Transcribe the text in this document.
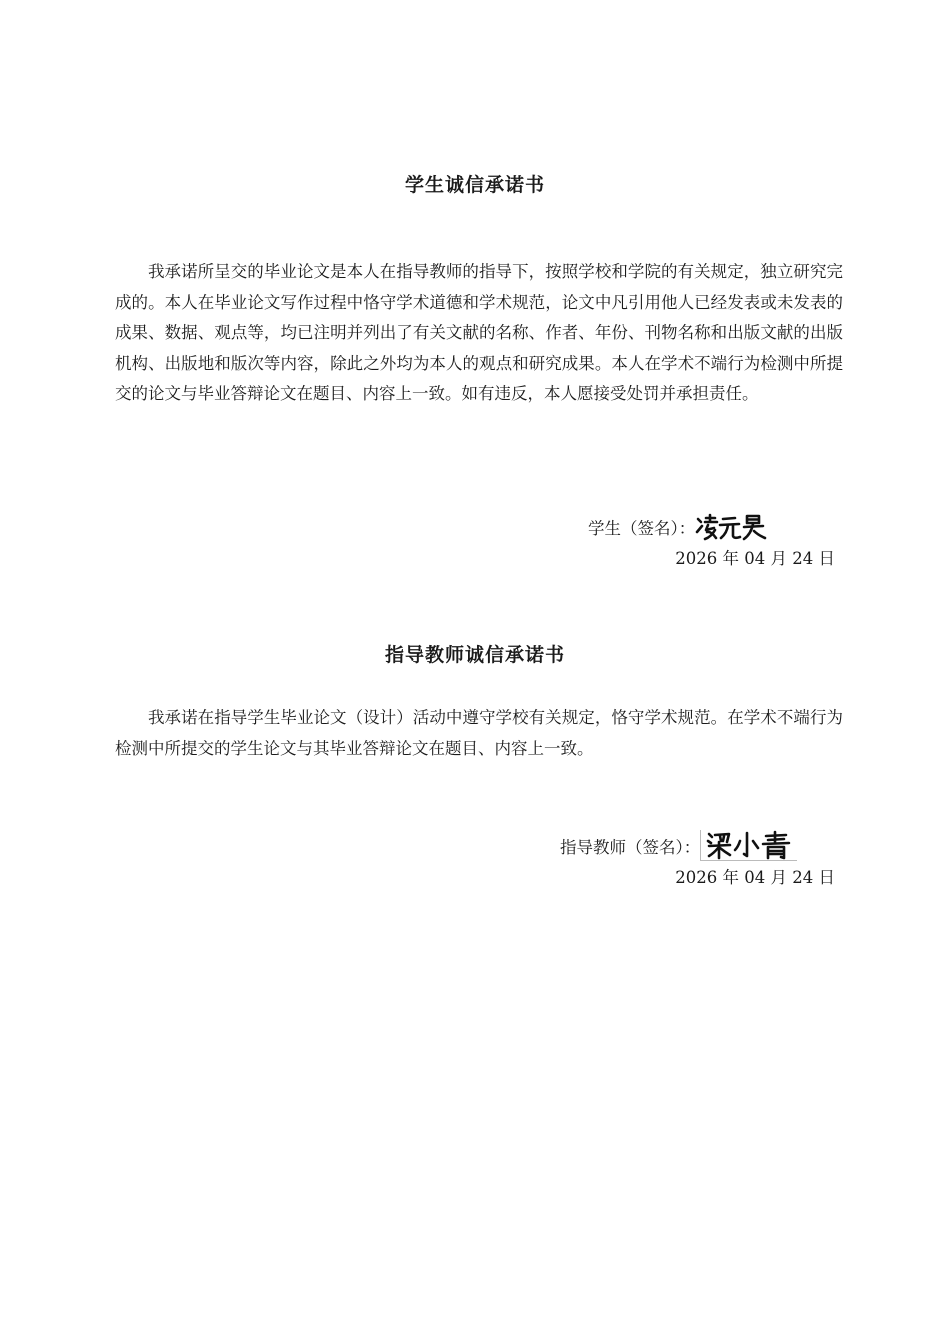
学生诚信承诺书

我承诺所呈交的毕业论文是本人在指导教师的指导下，按照学校和学院的有关规定，独立研究完成的。本人在毕业论文写作过程中恪守学术道德和学术规范，论文中凡引用他人已经发表或未发表的成果、数据、观点等，均已注明并列出了有关文献的名称、作者、年份、刊物名称和出版文献的出版机构、出版地和版次等内容，除此之外均为本人的观点和研究成果。本人在学术不端行为检测中所提交的论文与毕业答辩论文在题目、内容上一致。如有违反，本人愿接受处罚并承担责任。

学生（签名）：
2026 年 04 月 24 日
指导教师诚信承诺书

我承诺在指导学生毕业论文（设计）活动中遵守学校有关规定，恪守学术规范。在学术不端行为检测中所提交的学生论文与其毕业答辩论文在题目、内容上一致。

指导教师（签名）：
2026 年 04 月 24 日
